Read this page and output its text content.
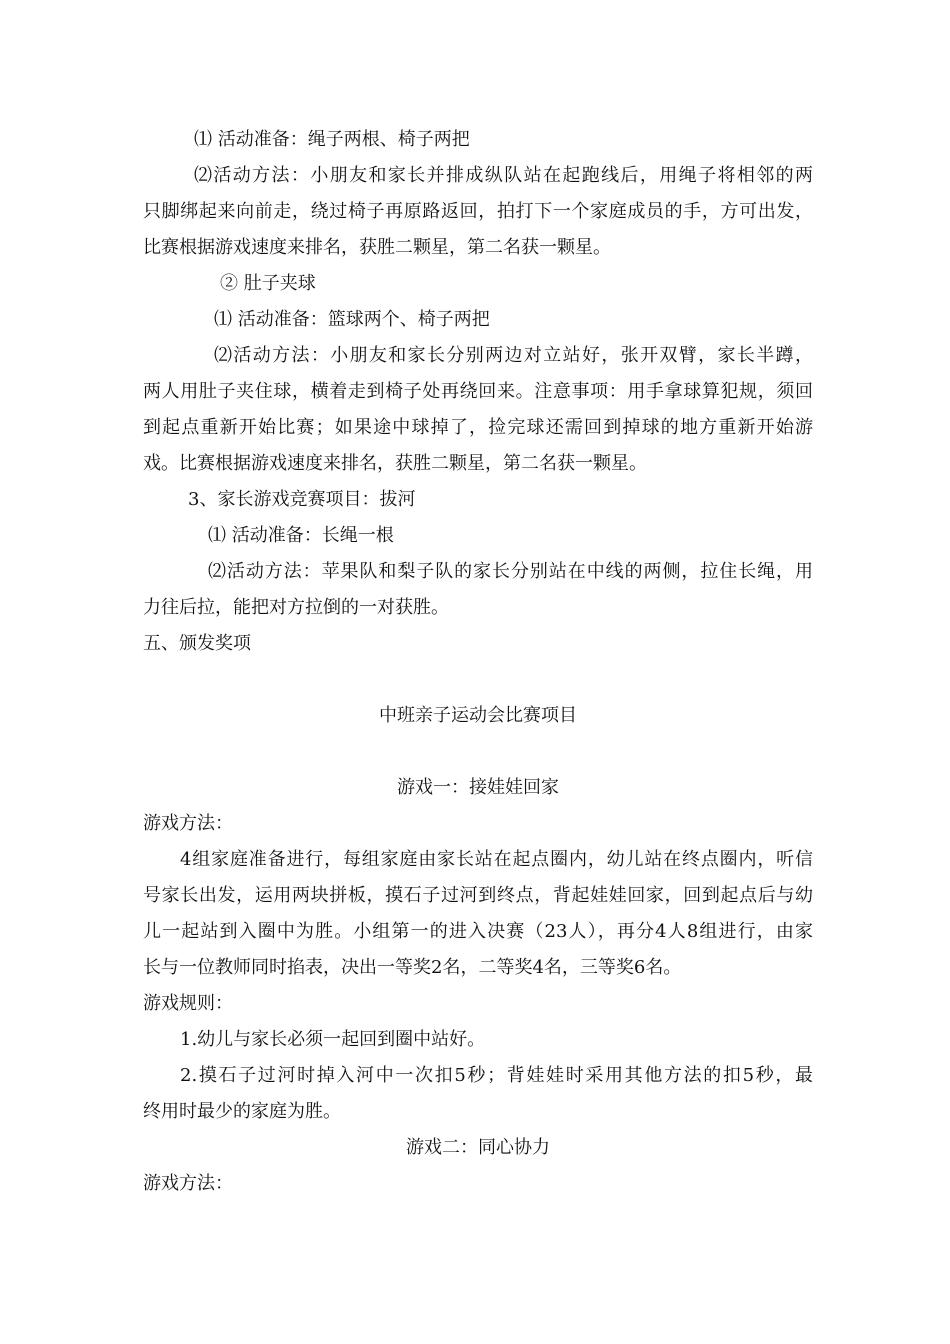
⑴ 活动准备：绳子两根、椅子两把
⑵活动方法：小朋友和家长并排成纵队站在起跑线后，用绳子将相邻的两
只脚绑起来向前走，绕过椅子再原路返回，拍打下一个家庭成员的手，方可出发，
比赛根据游戏速度来排名，获胜二颗星，第二名获一颗星。
② 肚子夹球
⑴ 活动准备：篮球两个、椅子两把
⑵活动方法：小朋友和家长分别两边对立站好，张开双臂，家长半蹲，
两人用肚子夹住球，横着走到椅子处再绕回来。注意事项：用手拿球算犯规，须回
到起点重新开始比赛；如果途中球掉了，捡完球还需回到掉球的地方重新开始游
戏。比赛根据游戏速度来排名，获胜二颗星，第二名获一颗星。
3、家长游戏竞赛项目：拔河
⑴ 活动准备：长绳一根
⑵活动方法：苹果队和梨子队的家长分别站在中线的两侧，拉住长绳，用
力往后拉，能把对方拉倒的一对获胜。
五、颁发奖项
中班亲子运动会比赛项目
游戏一：接娃娃回家
游戏方法：
4组家庭准备进行，每组家庭由家长站在起点圈内，幼儿站在终点圈内，听信
号家长出发，运用两块拼板，摸石子过河到终点，背起娃娃回家，回到起点后与幼
儿一起站到入圈中为胜。小组第一的进入决赛（23人），再分4人8组进行，由家
长与一位教师同时掐表，决出一等奖2名，二等奖4名，三等奖6名。
游戏规则：
1.幼儿与家长必须一起回到圈中站好。
2.摸石子过河时掉入河中一次扣5秒；背娃娃时采用其他方法的扣5秒，最
终用时最少的家庭为胜。
游戏二：同心协力
游戏方法：
